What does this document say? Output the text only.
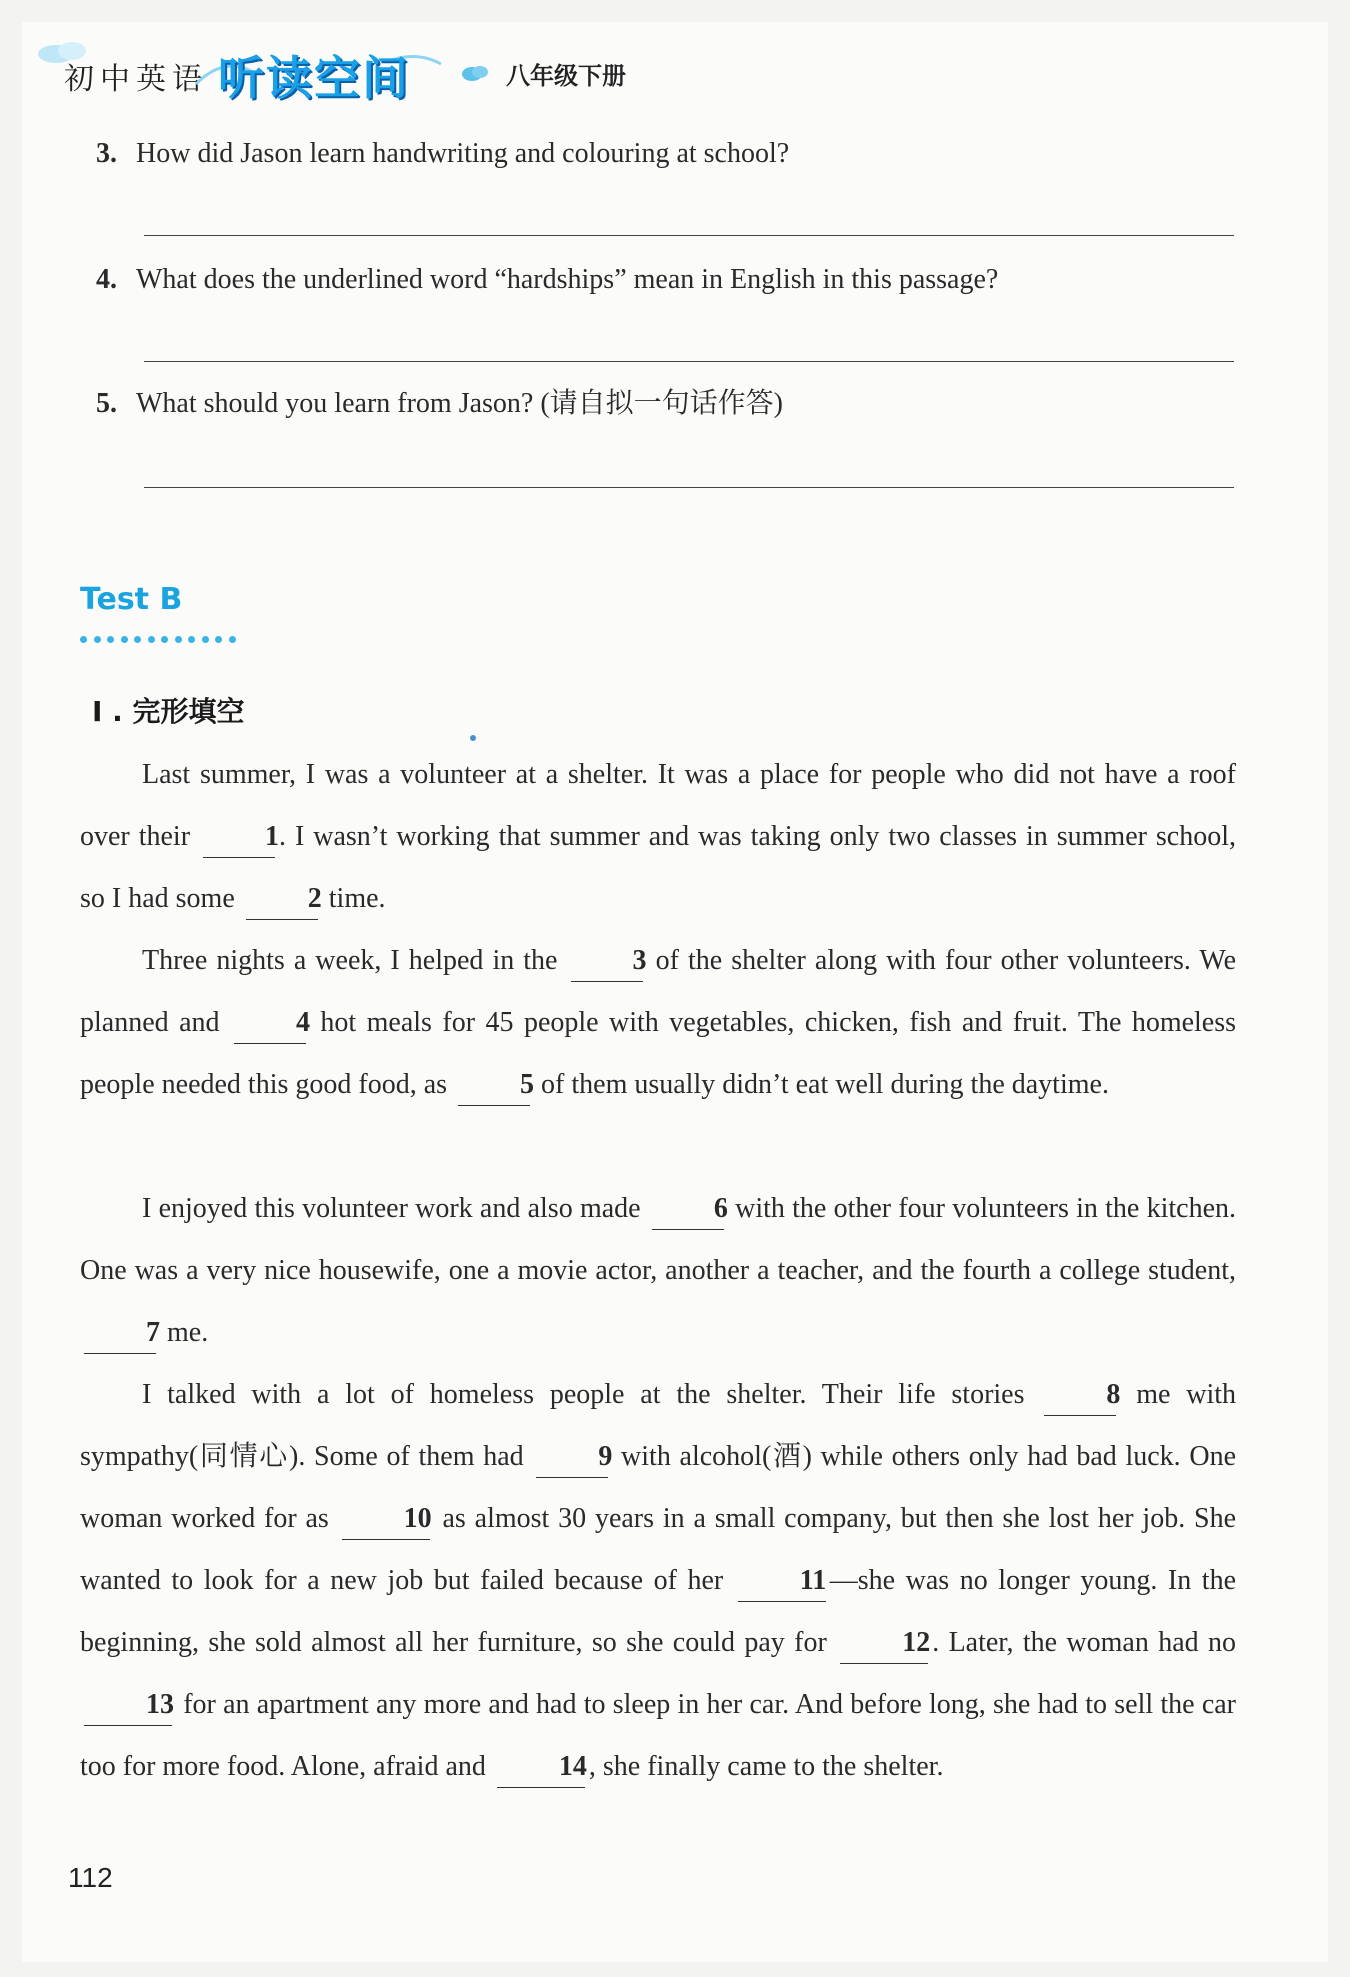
初中英语 听读空间	八年级下册
3. How did Jason learn handwriting and colouring at school?
4. What does the underlined word “hardships” mean in English in this passage?
5. What should you learn from Jason? (请自拟一句话作答)
Test B
I . 完形填空
Last summer, I was a volunteer at a shelter. It was a place for people who did not have a roof over their	1. I wasn’t working that summer and was taking only two classes in summer school, so I had some	2 time.
Three nights a week, I helped in the	3 of the shelter along with four other volunteers. We planned and	4 hot meals for 45 people with vegetables, chicken, fish and fruit. The homeless people needed this good food, as	5 of them usually didn’t eat well during the daytime.
I enjoyed this volunteer work and also made	6 with the other four volunteers in the kitchen. One was a very nice housewife, one a movie actor, another a teacher, and the fourth a college student, 7 me.
I talked with a lot of homeless people at the shelter. Their life stories	8 me with sympathy(同情心). Some of them had	9 with alcohol(酒) while others only had bad luck. One woman worked for as	10 as almost 30 years in a small company, but then she lost her job. She wanted to look for a new job but failed because of her	11 —she was no longer young. In the beginning, she sold almost all her furniture, so she could pay for	12. Later, the woman had no 13 for an apartment any more and had to sleep in her car. And before long, she had to sell the car too for more food. Alone, afraid and	14, she finally came to the shelter.
112
